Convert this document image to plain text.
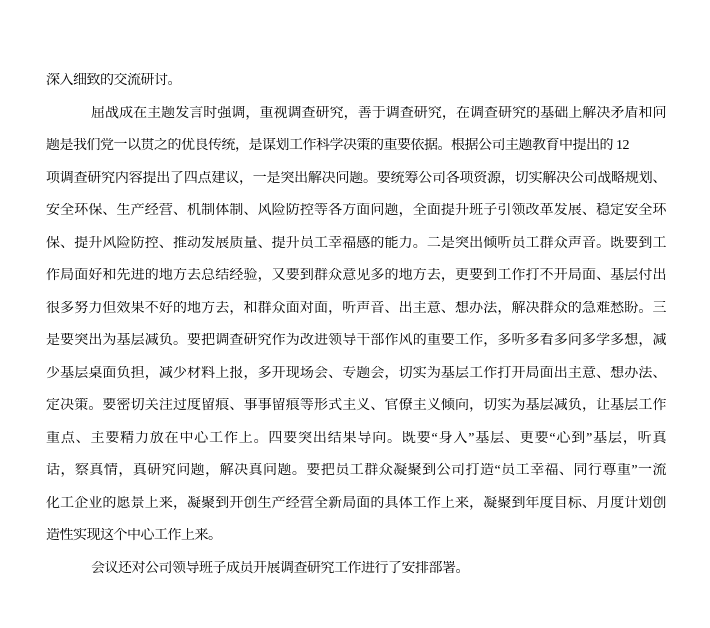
深入细致的交流研讨。
屈战成在主题发言时强调，重视调查研究，善于调查研究，在调查研究的基础上解决矛盾和问
题是我们党一以贯之的优良传统，是谋划工作科学决策的重要依据。根据公司主题教育中提出的 12
项调查研究内容提出了四点建议，一是突出解决问题。要统筹公司各项资源，切实解决公司战略规划、
安全环保、生产经营、机制体制、风险防控等各方面问题，全面提升班子引领改革发展、稳定安全环
保、提升风险防控、推动发展质量、提升员工幸福感的能力。二是突出倾听员工群众声音。既要到工
作局面好和先进的地方去总结经验，又要到群众意见多的地方去，更要到工作打不开局面、基层付出
很多努力但效果不好的地方去，和群众面对面，听声音、出主意、想办法，解决群众的急难愁盼。三
是要突出为基层减负。要把调查研究作为改进领导干部作风的重要工作，多听多看多问多学多想，减
少基层桌面负担，减少材料上报，多开现场会、专题会，切实为基层工作打开局面出主意、想办法、
定决策。要密切关注过度留痕、事事留痕等形式主义、官僚主义倾向，切实为基层减负，让基层工作
重点、主要精力放在中心工作上。四要突出结果导向。既要“身入”基层、更要“心到”基层，听真
话，察真情，真研究问题，解决真问题。要把员工群众凝聚到公司打造“员工幸福、同行尊重”一流
化工企业的愿景上来，凝聚到开创生产经营全新局面的具体工作上来，凝聚到年度目标、月度计划创
造性实现这个中心工作上来。
会议还对公司领导班子成员开展调查研究工作进行了安排部署。
